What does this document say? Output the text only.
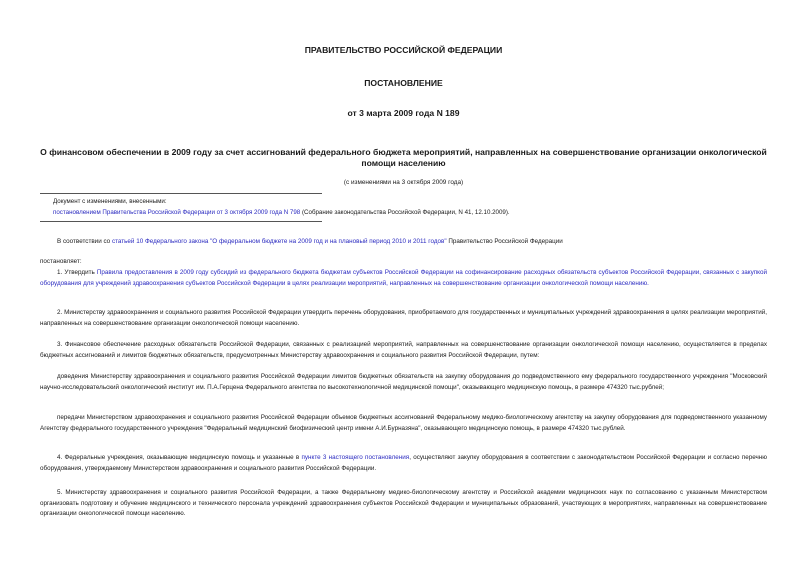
ПРАВИТЕЛЬСТВО РОССИЙСКОЙ ФЕДЕРАЦИИ
ПОСТАНОВЛЕНИЕ
от 3 марта 2009 года N 189
О финансовом обеспечении в 2009 году за счет ассигнований федерального бюджета мероприятий, направленных на совершенствование организации онкологической помощи населению
(с изменениями на 3 октября 2009 года)
Документ с изменениями, внесенными:
постановлением Правительства Российской Федерации от 3 октября 2009 года N 798 (Собрание законодательства Российской Федерации, N 41, 12.10.2009).
В соответствии со статьей 10 Федерального закона "О федеральном бюджете на 2009 год и на плановый период 2010 и 2011 годов" Правительство Российской Федерации
постановляет:
1. Утвердить Правила предоставления в 2009 году субсидий из федерального бюджета бюджетам субъектов Российской Федерации на софинансирование расходных обязательств субъектов Российской Федерации, связанных с закупкой оборудования для учреждений здравоохранения субъектов Российской Федерации в целях реализации мероприятий, направленных на совершенствование организации онкологической помощи населению.
2. Министерству здравоохранения и социального развития Российской Федерации утвердить перечень оборудования, приобретаемого для государственных и муниципальных учреждений здравоохранения в целях реализации мероприятий, направленных на совершенствование организации онкологической помощи населению.
3. Финансовое обеспечение расходных обязательств Российской Федерации, связанных с реализацией мероприятий, направленных на совершенствование организации онкологической помощи населению, осуществляется в пределах бюджетных ассигнований и лимитов бюджетных обязательств, предусмотренных Министерству здравоохранения и социального развития Российской Федерации, путем:
доведения Министерству здравоохранения и социального развития Российской Федерации лимитов бюджетных обязательств на закупку оборудования до подведомственного ему федерального государственного учреждения "Московский научно-исследовательский онкологический институт им. П.А.Герцена Федерального агентства по высокотехнологичной медицинской помощи", оказывающего медицинскую помощь, в размере 474320 тыс.рублей;
передачи Министерством здравоохранения и социального развития Российской Федерации объемов бюджетных ассигнований Федеральному медико-биологическому агентству на закупку оборудования для подведомственного указанному Агентству федерального государственного учреждения "Федеральный медицинский биофизический центр имени А.И.Бурназяна", оказывающего медицинскую помощь, в размере 474320 тыс.рублей.
4. Федеральные учреждения, оказывающие медицинскую помощь и указанные в пункте 3 настоящего постановления, осуществляют закупку оборудования в соответствии с законодательством Российской Федерации и согласно перечню оборудования, утверждаемому Министерством здравоохранения и социального развития Российской Федерации.
5. Министерству здравоохранения и социального развития Российской Федерации, а также Федеральному медико-биологическому агентству и Российской академии медицинских наук по согласованию с указанным Министерством организовать подготовку и обучение медицинского и технического персонала учреждений здравоохранения субъектов Российской Федерации и муниципальных образований, участвующих в мероприятиях, направленных на совершенствование организации онкологической помощи населению.
